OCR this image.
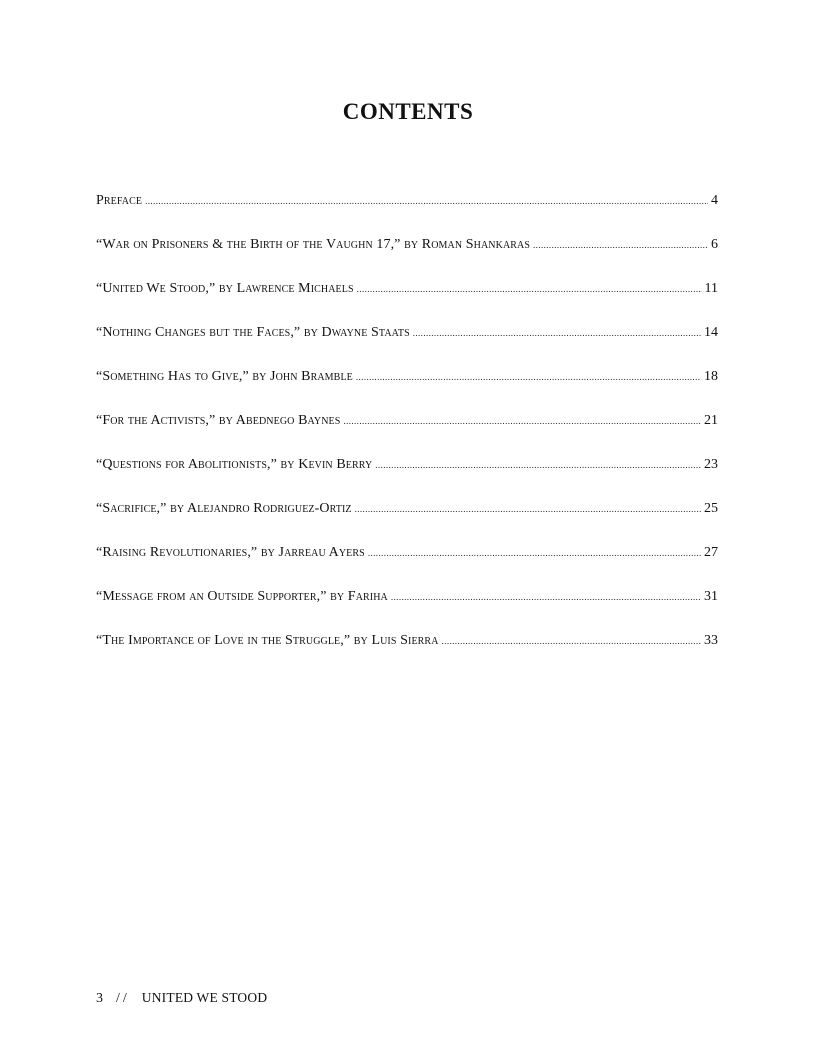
CONTENTS
Preface .....	4
“War on Prisoners & the Birth of the Vaughn 17,” by Roman Shankaras .....	6
“United We Stood,” by Lawrence Michaels .....	11
“Nothing Changes but the Faces,” by Dwayne Staats .....	14
“Something Has to Give,” by John Bramble .....	18
“For the Activists,” by Abednego Baynes .....	21
“Questions for Abolitionists,” by Kevin Berry .....	23
“Sacrifice,” by Alejandro Rodriguez-Ortiz .....	25
“Raising Revolutionaries,” by Jarreau Ayers .....	27
“Message from an Outside Supporter,” by Fariha .....	31
“The Importance of Love in the Struggle,” by Luis Sierra .....	33
3 // UNITED WE STOOD
